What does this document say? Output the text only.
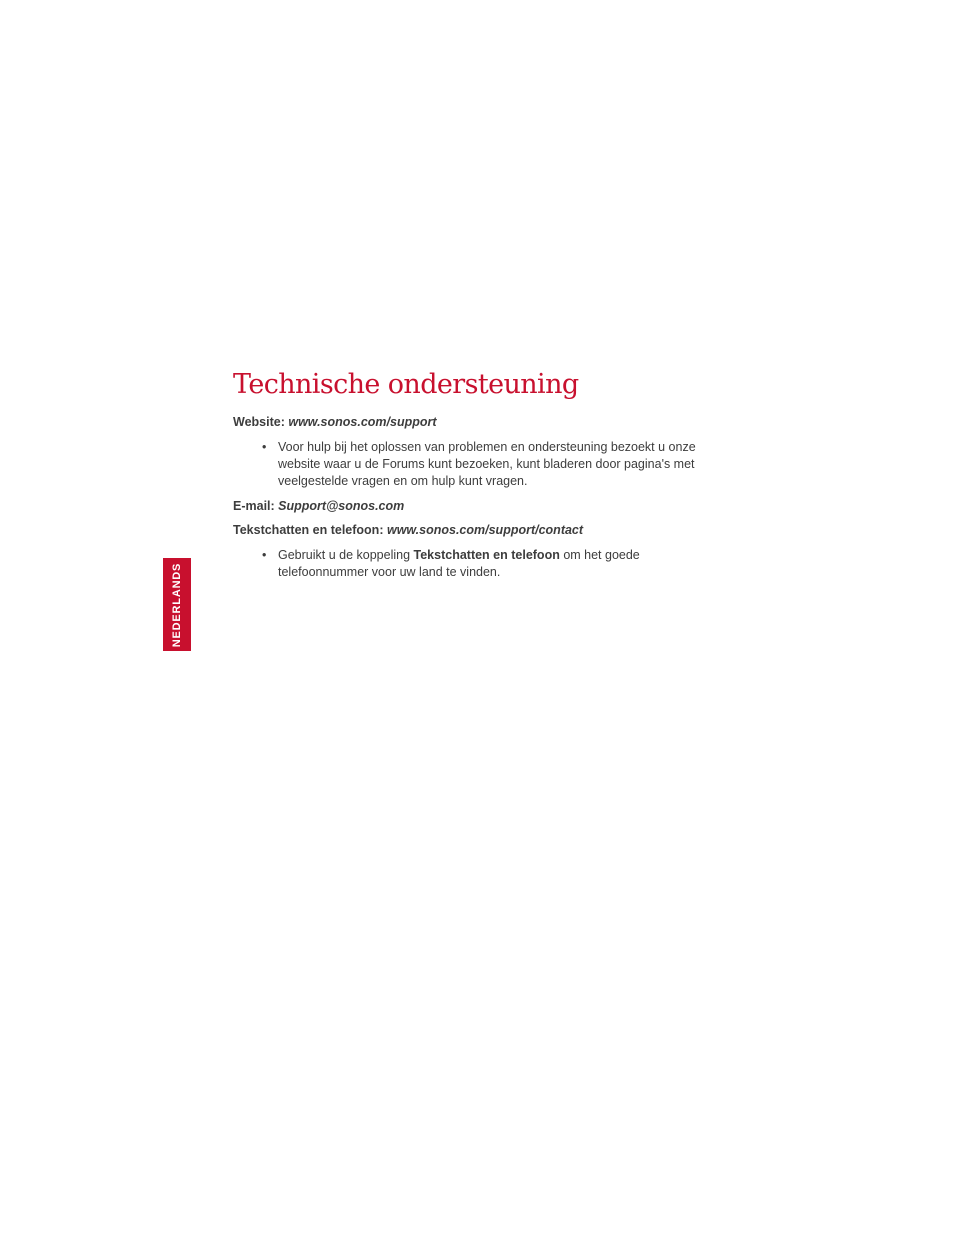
NEDERLANDS
Technische ondersteuning

Website: www.sonos.com/support

• Voor hulp bij het oplossen van problemen en ondersteuning bezoekt u onze website waar u de Forums kunt bezoeken, kunt bladeren door pagina's met veelgestelde vragen en om hulp kunt vragen.

E-mail: Support@sonos.com

Tekstchatten en telefoon: www.sonos.com/support/contact

• Gebruikt u de koppeling Tekstchatten en telefoon om het goede telefoonnummer voor uw land te vinden.
